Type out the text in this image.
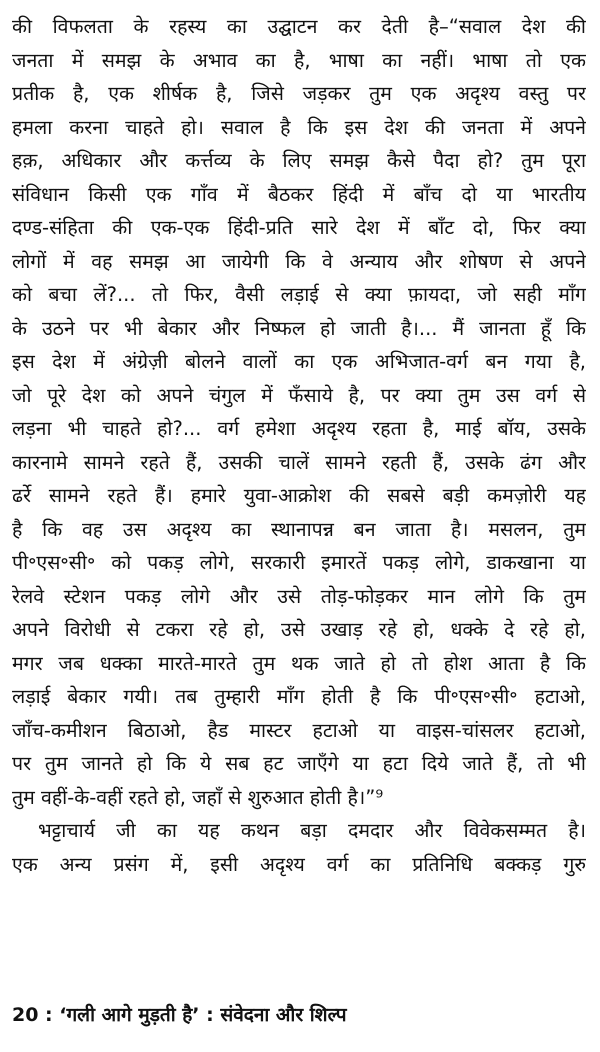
की विफलता के रहस्य का उद्घाटन कर देती है–“सवाल देश की
जनता में समझ के अभाव का है, भाषा का नहीं। भाषा तो एक
प्रतीक है, एक शीर्षक है, जिसे जड़कर तुम एक अदृश्य वस्तु पर
हमला करना चाहते हो। सवाल है कि इस देश की जनता में अपने
हक़, अधिकार और कर्त्तव्य के लिए समझ कैसे पैदा हो? तुम पूरा
संविधान किसी एक गाँव में बैठकर हिंदी में बाँच दो या भारतीय
दण्ड-संहिता की एक-एक हिंदी-प्रति सारे देश में बाँट दो, फिर क्या
लोगों में वह समझ आ जायेगी कि वे अन्याय और शोषण से अपने
को बचा लें?... तो फिर, वैसी लड़ाई से क्या फ़ायदा, जो सही माँग
के उठने पर भी बेकार और निष्फल हो जाती है।... मैं जानता हूँ कि
इस देश में अंग्रेज़ी बोलने वालों का एक अभिजात-वर्ग बन गया है,
जो पूरे देश को अपने चंगुल में फँसाये है, पर क्या तुम उस वर्ग से
लड़ना भी चाहते हो?... वर्ग हमेशा अदृश्य रहता है, माई बॉय, उसके
कारनामे सामने रहते हैं, उसकी चालें सामने रहती हैं, उसके ढंग और
ढर्रे सामने रहते हैं। हमारे युवा-आक्रोश की सबसे बड़ी कमज़ोरी यह
है कि वह उस अदृश्य का स्थानापन्न बन जाता है। मसलन, तुम
पी॰एस॰सी॰ को पकड़ लोगे, सरकारी इमारतें पकड़ लोगे, डाकखाना या
रेलवे स्टेशन पकड़ लोगे और उसे तोड़-फोड़कर मान लोगे कि तुम
अपने विरोधी से टकरा रहे हो, उसे उखाड़ रहे हो, धक्के दे रहे हो,
मगर जब धक्का मारते-मारते तुम थक जाते हो तो होश आता है कि
लड़ाई बेकार गयी। तब तुम्हारी माँग होती है कि पी॰एस॰सी॰ हटाओ,
जाँच-कमीशन बिठाओ, हैड मास्टर हटाओ या वाइस-चांसलर हटाओ,
पर तुम जानते हो कि ये सब हट जाएँगे या हटा दिये जाते हैं, तो भी
तुम वहीं-के-वहीं रहते हो, जहाँ से शुरुआत होती है।”⁹
भट्टाचार्य जी का यह कथन बड़ा दमदार और विवेकसम्मत है।
एक अन्य प्रसंग में, इसी अदृश्य वर्ग का प्रतिनिधि बक्कड़ गुरु
20 : ‘गली आगे मुड़ती है’ : संवेदना और शिल्प
